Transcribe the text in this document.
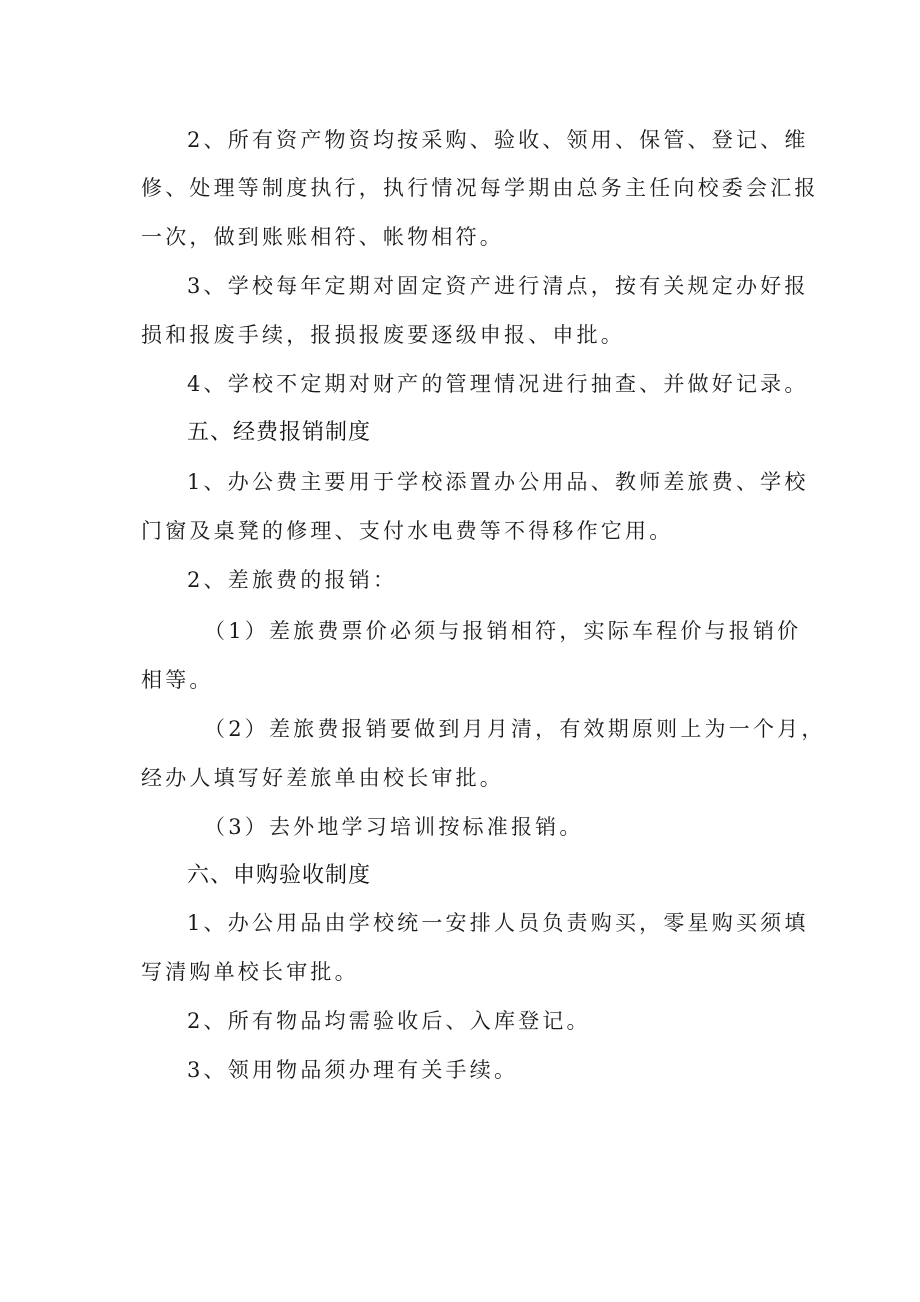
2、所有资产物资均按采购、验收、领用、保管、登记、维
修、处理等制度执行，执行情况每学期由总务主任向校委会汇报
一次，做到账账相符、帐物相符。
3、学校每年定期对固定资产进行清点，按有关规定办好报
损和报废手续，报损报废要逐级申报、申批。
4、学校不定期对财产的管理情况进行抽查、并做好记录。
五、经费报销制度
1、办公费主要用于学校添置办公用品、教师差旅费、学校
门窗及桌凳的修理、支付水电费等不得移作它用。
2、差旅费的报销：
（1）差旅费票价必须与报销相符，实际车程价与报销价
相等。
（2）差旅费报销要做到月月清，有效期原则上为一个月，
经办人填写好差旅单由校长审批。
（3）去外地学习培训按标准报销。
六、申购验收制度
1、办公用品由学校统一安排人员负责购买，零星购买须填
写清购单校长审批。
2、所有物品均需验收后、入库登记。
3、领用物品须办理有关手续。
